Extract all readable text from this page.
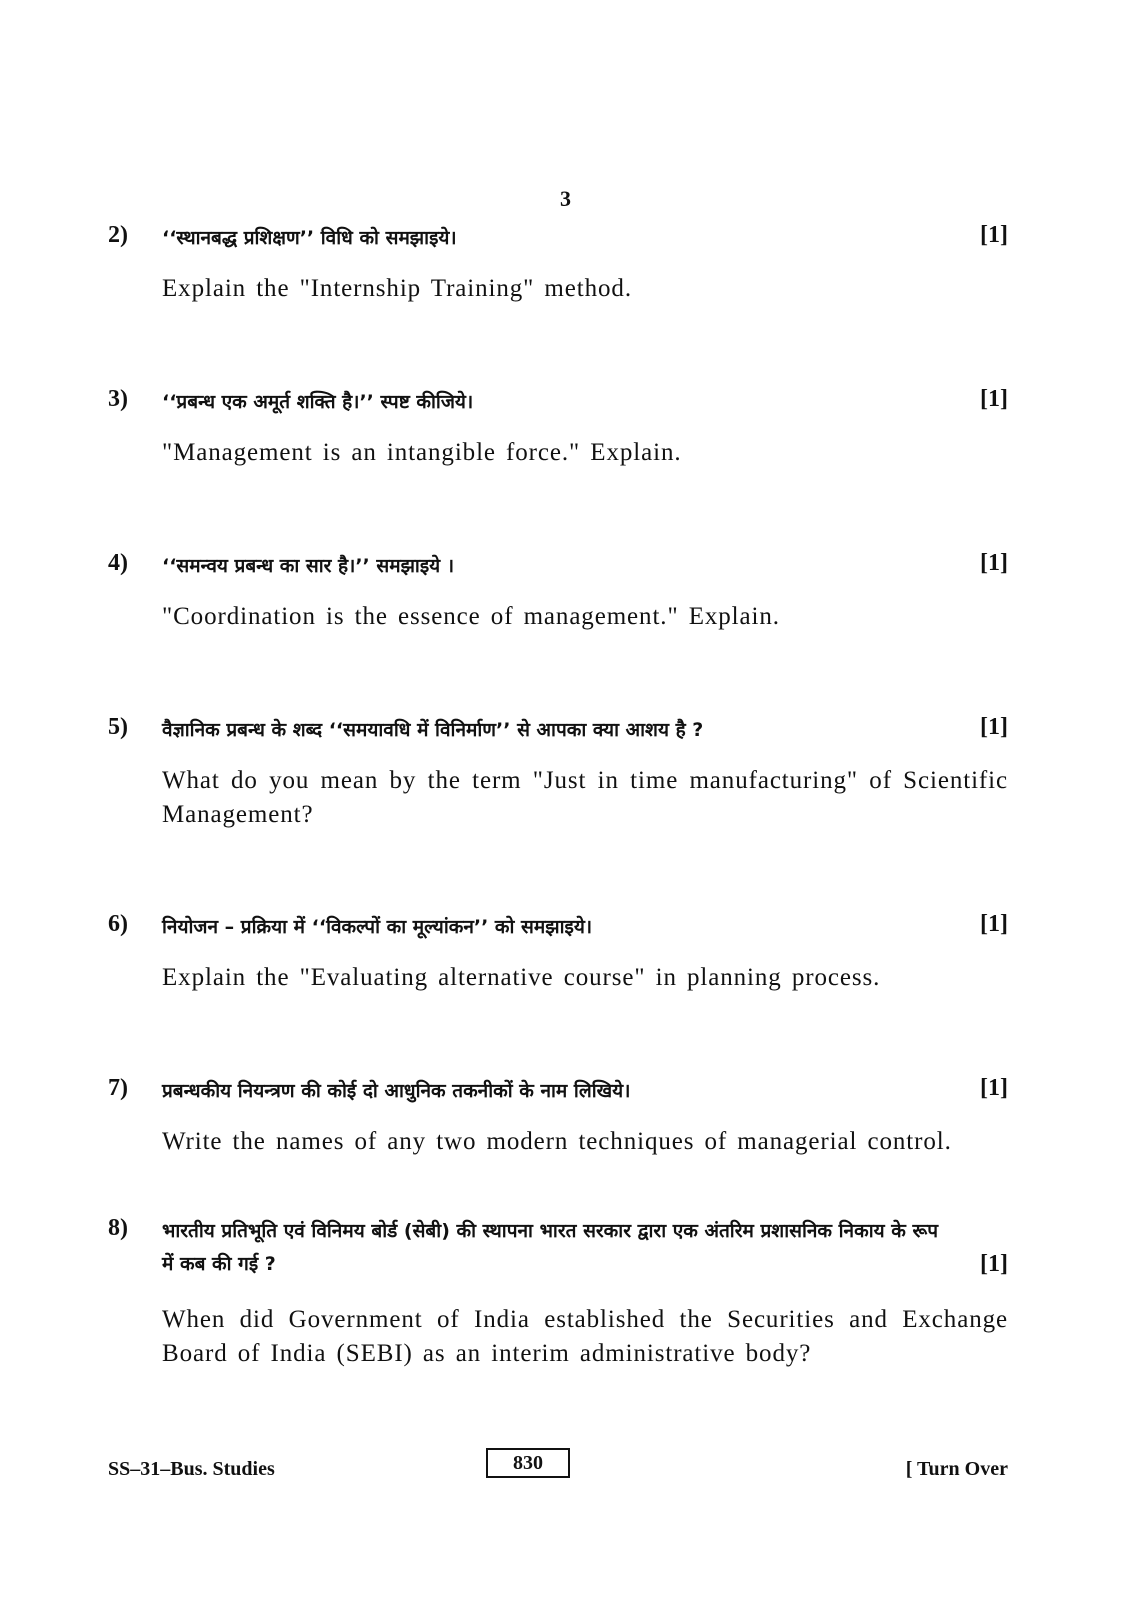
3
2) ‘‘स्थानबद्ध प्रशिक्षण’’ विधि को समझाइये।	[1]
Explain the "Internship Training" method.
3) ‘‘प्रबन्ध एक अमूर्त शक्ति है।’’ स्पष्ट कीजिये।	[1]
"Management is an intangible force." Explain.
4) ‘‘समन्वय प्रबन्ध का सार है।’’ समझाइये ।	[1]
"Coordination is the essence of management." Explain.
5) वैज्ञानिक प्रबन्ध के शब्द ‘‘समयावधि में विनिर्माण’’ से आपका क्या आशय है ?	[1]
What do you mean by the term "Just in time manufacturing" of Scientific Management?
6) नियोजन – प्रक्रिया में ‘‘विकल्पों का मूल्यांकन’’ को समझाइये।	[1]
Explain the "Evaluating alternative course" in planning process.
7) प्रबन्धकीय नियन्त्रण की कोई दो आधुनिक तकनीकों के नाम लिखिये।	[1]
Write the names of any two modern techniques of managerial control.
8) भारतीय प्रतिभूति एवं विनिमय बोर्ड (सेबी) की स्थापना भारत सरकार द्वारा एक अंतरिम प्रशासनिक निकाय के रूप में कब की गई ?	[1]
When did Government of India established the Securities and Exchange Board of India (SEBI) as an interim administrative body?
SS–31–Bus. Studies	830	[ Turn Over
